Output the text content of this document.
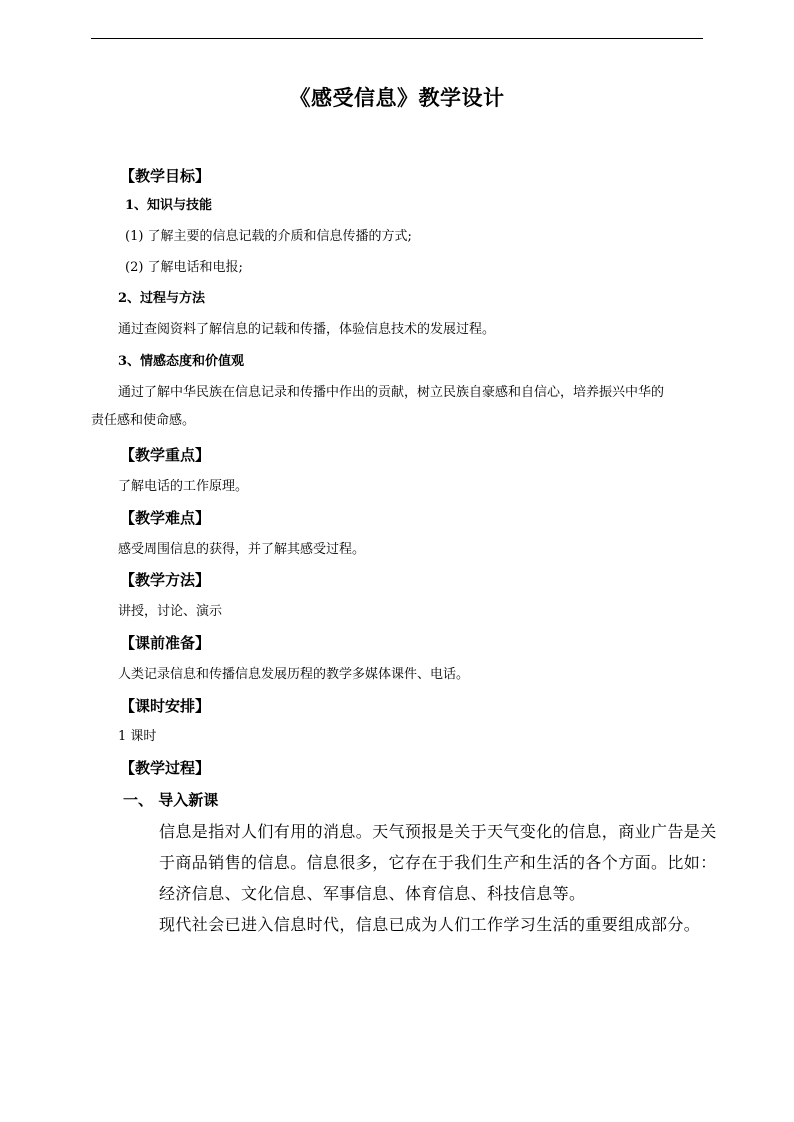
《感受信息》教学设计
【教学目标】
1、知识与技能
(1) 了解主要的信息记载的介质和信息传播的方式;
(2) 了解电话和电报;
2、过程与方法
通过查阅资料了解信息的记载和传播，体验信息技术的发展过程。
3、情感态度和价值观
通过了解中华民族在信息记录和传播中作出的贡献，树立民族自豪感和自信心，培养振兴中华的
责任感和使命感。
【教学重点】
了解电话的工作原理。
【教学难点】
感受周围信息的获得，并了解其感受过程。
【教学方法】
讲授，讨论、演示
【课前准备】
人类记录信息和传播信息发展历程的教学多媒体课件、电话。
【课时安排】
1 课时
【教学过程】
一、 导入新课
信息是指对人们有用的消息。天气预报是关于天气变化的信息，商业广告是关
于商品销售的信息。信息很多，它存在于我们生产和生活的各个方面。比如：
经济信息、文化信息、军事信息、体育信息、科技信息等。
现代社会已进入信息时代，信息已成为人们工作学习生活的重要组成部分。
